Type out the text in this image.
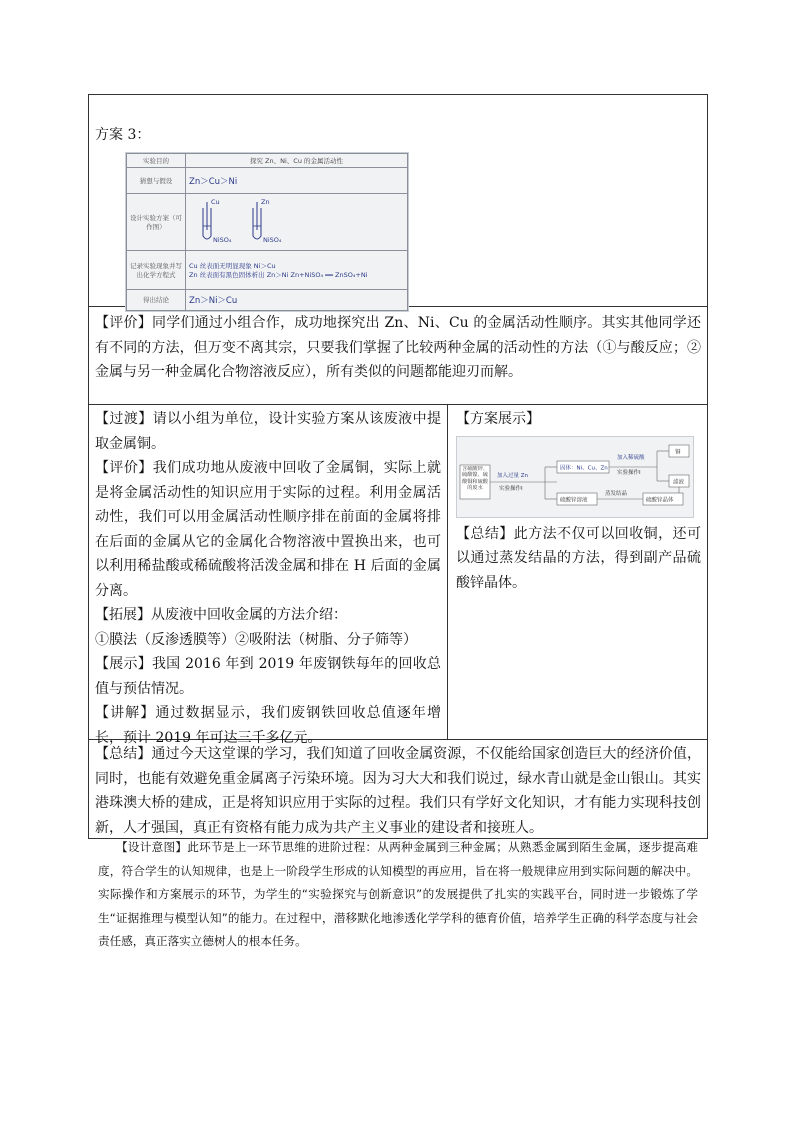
方案 3：

实验目的	探究 Zn、Ni、Cu 的金属活动性
猜想与假设	Zn＞Cu＞Ni
设计实验方案（可作图）	Cu
NiSO₄
Zn
NiSO₄

记录实验现象并写出化学方程式	Cu 丝表面无明显现象 Ni＞Cu
Zn 丝表面有黑色固体析出 Zn＞Ni Zn+NiSO₄ ══ ZnSO₄+Ni
得出结论	Zn＞Ni＞Cu

【评价】同学们通过小组合作，成功地探究出 Zn、Ni、Cu 的金属活动性顺序。其实其他同学还有不同的方法，但万变不离其宗，只要我们掌握了比较两种金属的活动性的方法（①与酸反应；②金属与另一种金属化合物溶液反应），所有类似的问题都能迎刃而解。

【过渡】请以小组为单位，设计实验方案从该废液中提取金属铜。

【评价】我们成功地从废液中回收了金属铜，实际上就是将金属活动性的知识应用于实际的过程。利用金属活动性，我们可以用金属活动性顺序排在前面的金属将排在后面的金属从它的金属化合物溶液中置换出来，也可以利用稀盐酸或稀硫酸将活泼金属和排在 H 后面的金属分离。

【拓展】从废液中回收金属的方法介绍：

①膜法（反渗透膜等）②吸附法（树脂、分子筛等）

【展示】我国 2016 年到 2019 年废钢铁每年的回收总值与预估情况。

【讲解】通过数据显示，我们废钢铁回收总值逐年增长，预计 2019 年可达三千多亿元。

【方案展示】

含硫酸锌、硫酸镍、硫酸铜和硫酸的废水
加入过量 Zn
实验操作Ⅰ
固体：Ni、Cu、Zn
硫酸锌溶液
加入稀硫酸
实验操作Ⅰ
铜
滤液
蒸发结晶
硫酸锌晶体

【总结】此方法不仅可以回收铜，还可以通过蒸发结晶的方法，得到副产品硫酸锌晶体。

【总结】通过今天这堂课的学习，我们知道了回收金属资源，不仅能给国家创造巨大的经济价值，同时，也能有效避免重金属离子污染环境。因为习大大和我们说过，绿水青山就是金山银山。其实港珠澳大桥的建成，正是将知识应用于实际的过程。我们只有学好文化知识，才有能力实现科技创新，人才强国，真正有资格有能力成为共产主义事业的建设者和接班人。

　　【设计意图】此环节是上一环节思维的进阶过程：从两种金属到三种金属；从熟悉金属到陌生金属，逐步提高难度，符合学生的认知规律，也是上一阶段学生形成的认知模型的再应用，旨在将一般规律应用到实际问题的解决中。实际操作和方案展示的环节，为学生的“实验探究与创新意识”的发展提供了扎实的实践平台，同时进一步锻炼了学生“证据推理与模型认知”的能力。在过程中，潜移默化地渗透化学学科的德育价值，培养学生正确的科学态度与社会责任感，真正落实立德树人的根本任务。
